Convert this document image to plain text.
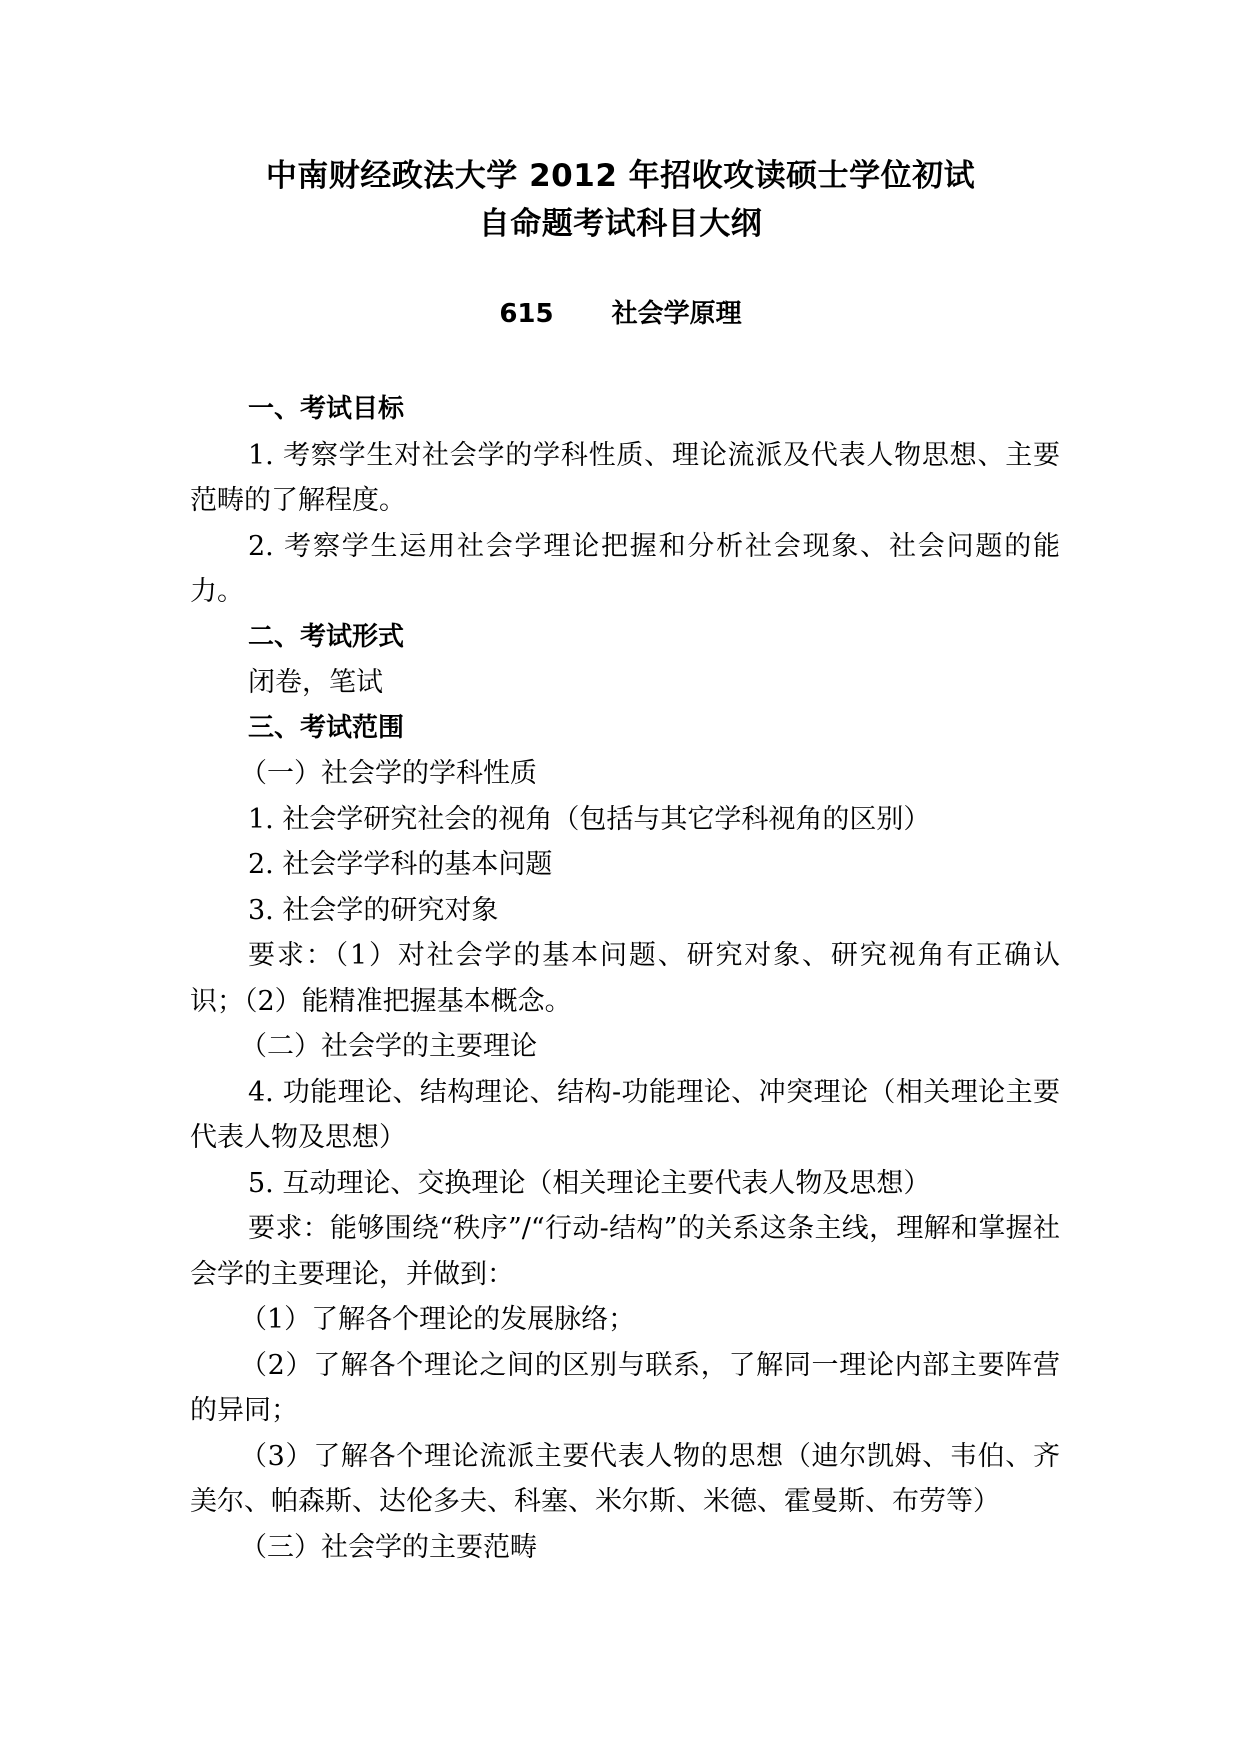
中南财经政法大学 2012 年招收攻读硕士学位初试
自命题考试科目大纲
615 社会学原理

一、考试目标

1. 考察学生对社会学的学科性质、理论流派及代表人物思想、主要范畴的了解程度。

2. 考察学生运用社会学理论把握和分析社会现象、社会问题的能力。

二、考试形式

闭卷，笔试

三、考试范围

（一）社会学的学科性质

1. 社会学研究社会的视角（包括与其它学科视角的区别）

2. 社会学学科的基本问题

3. 社会学的研究对象

要求：（1）对社会学的基本问题、研究对象、研究视角有正确认识；（2）能精准把握基本概念。

（二）社会学的主要理论

4. 功能理论、结构理论、结构-功能理论、冲突理论（相关理论主要代表人物及思想）

5. 互动理论、交换理论（相关理论主要代表人物及思想）

要求：能够围绕“秩序”/“行动-结构”的关系这条主线，理解和掌握社会学的主要理论，并做到：

（1）了解各个理论的发展脉络；

（2）了解各个理论之间的区别与联系，了解同一理论内部主要阵营的异同；

（3）了解各个理论流派主要代表人物的思想（迪尔凯姆、韦伯、齐美尔、帕森斯、达伦多夫、科塞、米尔斯、米德、霍曼斯、布劳等）

（三）社会学的主要范畴
